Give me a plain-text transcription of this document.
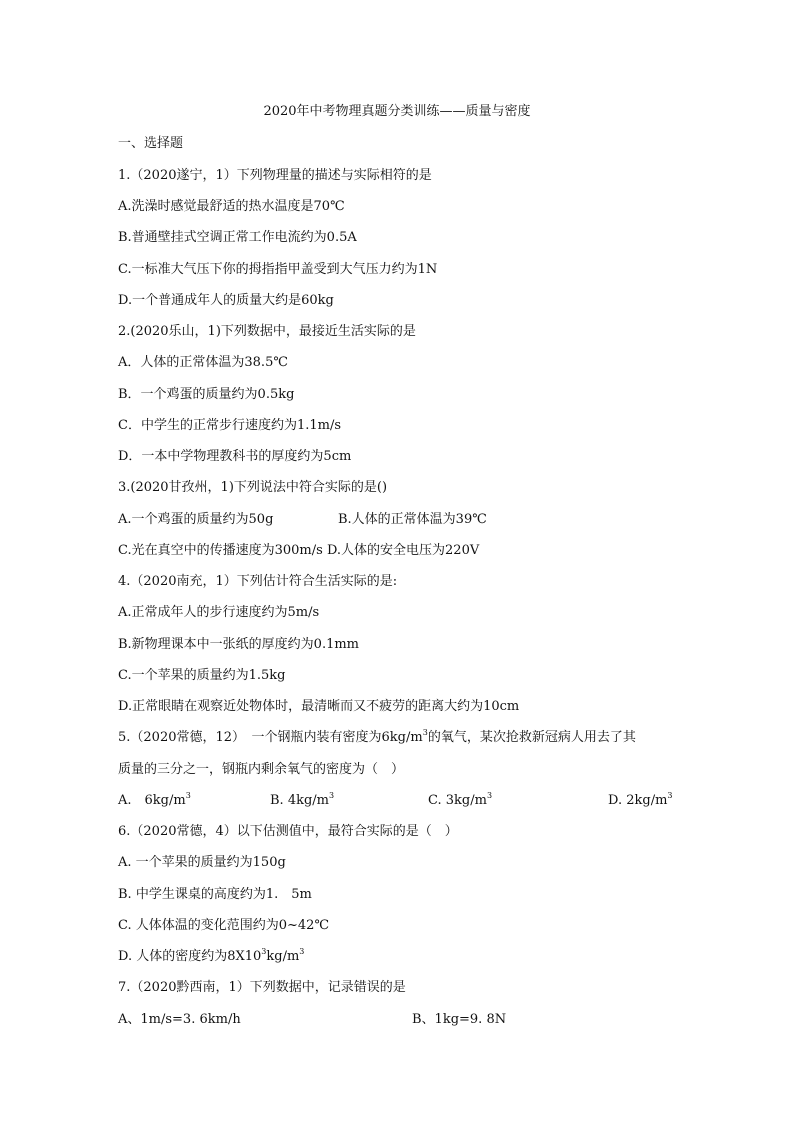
2020年中考物理真题分类训练——质量与密度
一、选择题
1.（2020遂宁，1）下列物理量的描述与实际相符的是
A.洗澡时感觉最舒适的热水温度是70℃
B.普通壁挂式空调正常工作电流约为0.5A
C.一标准大气压下你的拇指指甲盖受到大气压力约为1N
D.一个普通成年人的质量大约是60kg
2.(2020乐山，1)下列数据中，最接近生活实际的是
A．人体的正常体温为38.5℃
B．一个鸡蛋的质量约为0.5kg
C．中学生的正常步行速度约为1.1m/s
D．一本中学物理教科书的厚度约为5cm
3.(2020甘孜州，1)下列说法中符合实际的是()
A.一个鸡蛋的质量约为50g	B.人体的正常体温为39℃
C.光在真空中的传播速度为300m/s D.人体的安全电压为220V
4.（2020南充，1）下列估计符合生活实际的是:
A.正常成年人的步行速度约为5m/s
B.新物理课本中一张纸的厚度约为0.1mm
C.一个苹果的质量约为1.5kg
D.正常眼睛在观察近处物体时，最清晰而又不疲劳的距离大约为10cm
5.（2020常德，12）　一个钢瓶内装有密度为$6kg/m^3$的氧气，某次抢救新冠病人用去了其
质量的三分之一，钢瓶内剩余氧气的密度为（　）
A.　$6kg/m^3$	B. $4kg/m^3$	C. $3kg/m^3$	D. $2kg/m^3$
6.（2020常德，4）以下估测值中，最符合实际的是（　）
A. 一个苹果的质量约为150g
B. 中学生课桌的高度约为1.　5m
C. 人体体温的变化范围约为0~42℃
D. 人体的密度约为$8X10^3kg/m^3$
7.（2020黔西南，1）下列数据中，记录错误的是
A、1m/s=3. 6km/h	B、1kg=9. 8N
